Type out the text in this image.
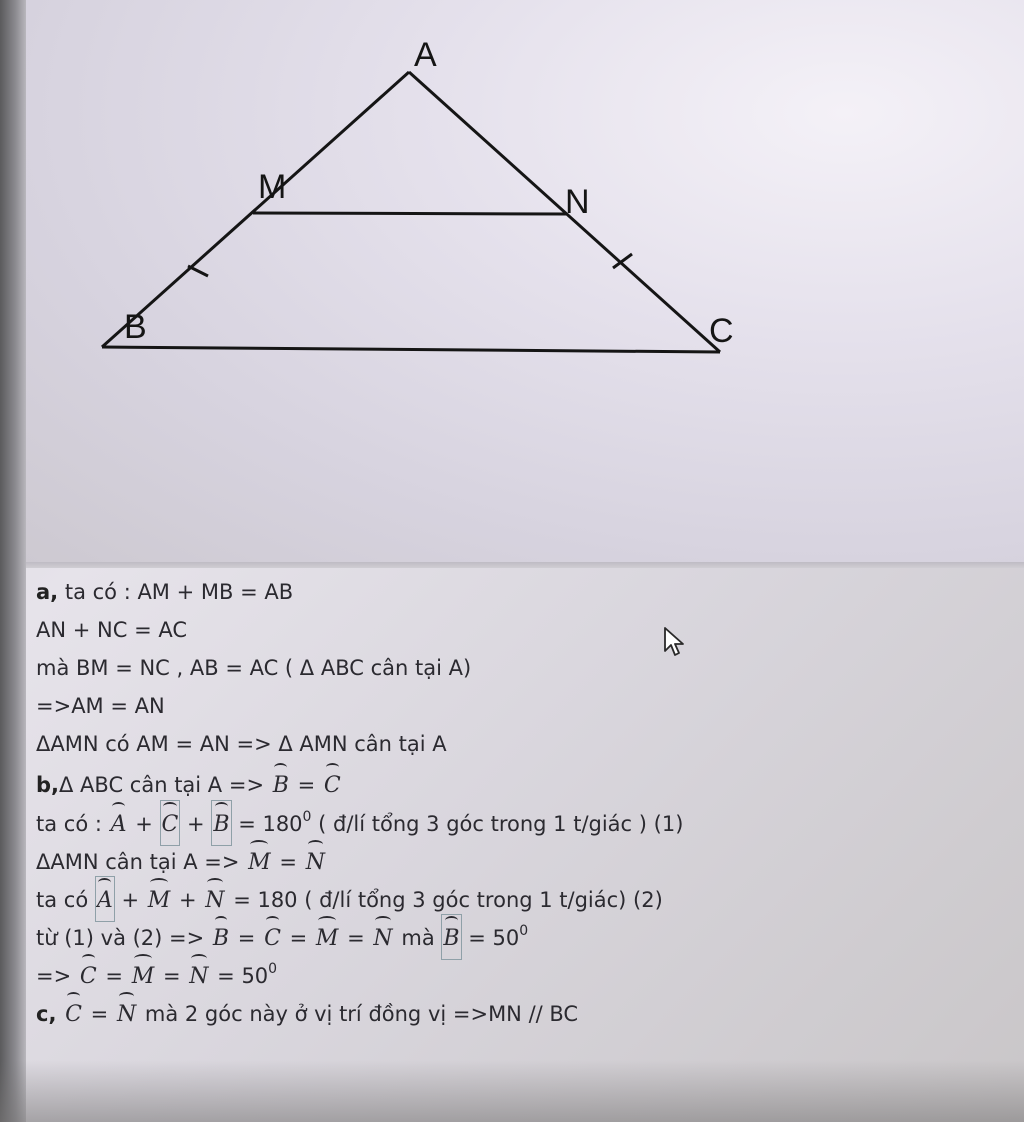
A
M	N
B	C
a, ta có : AM + MB = AB
AN + NC = AC
mà BM = NC , AB = AC ( Δ ABC cân tại A)
=>AM = AN
ΔAMN có AM = AN => Δ AMN cân tại A
b,Δ ABC cân tại A => B = C
ta có : $A + C + B = 180^0$ ( đ/lí tổng 3 góc trong 1 t/giác ) (1)
ΔAMN cân tại A => M = N
ta có A + M + N = 180 ( đ/lí tổng 3 góc trong 1 t/giác) (2)
từ (1) và (2) => B = C = M = N mà $B = 50^0$
=> $C = M = N = 50^0$
c, C = N mà 2 góc này ở vị trí đồng vị =>MN // BC
